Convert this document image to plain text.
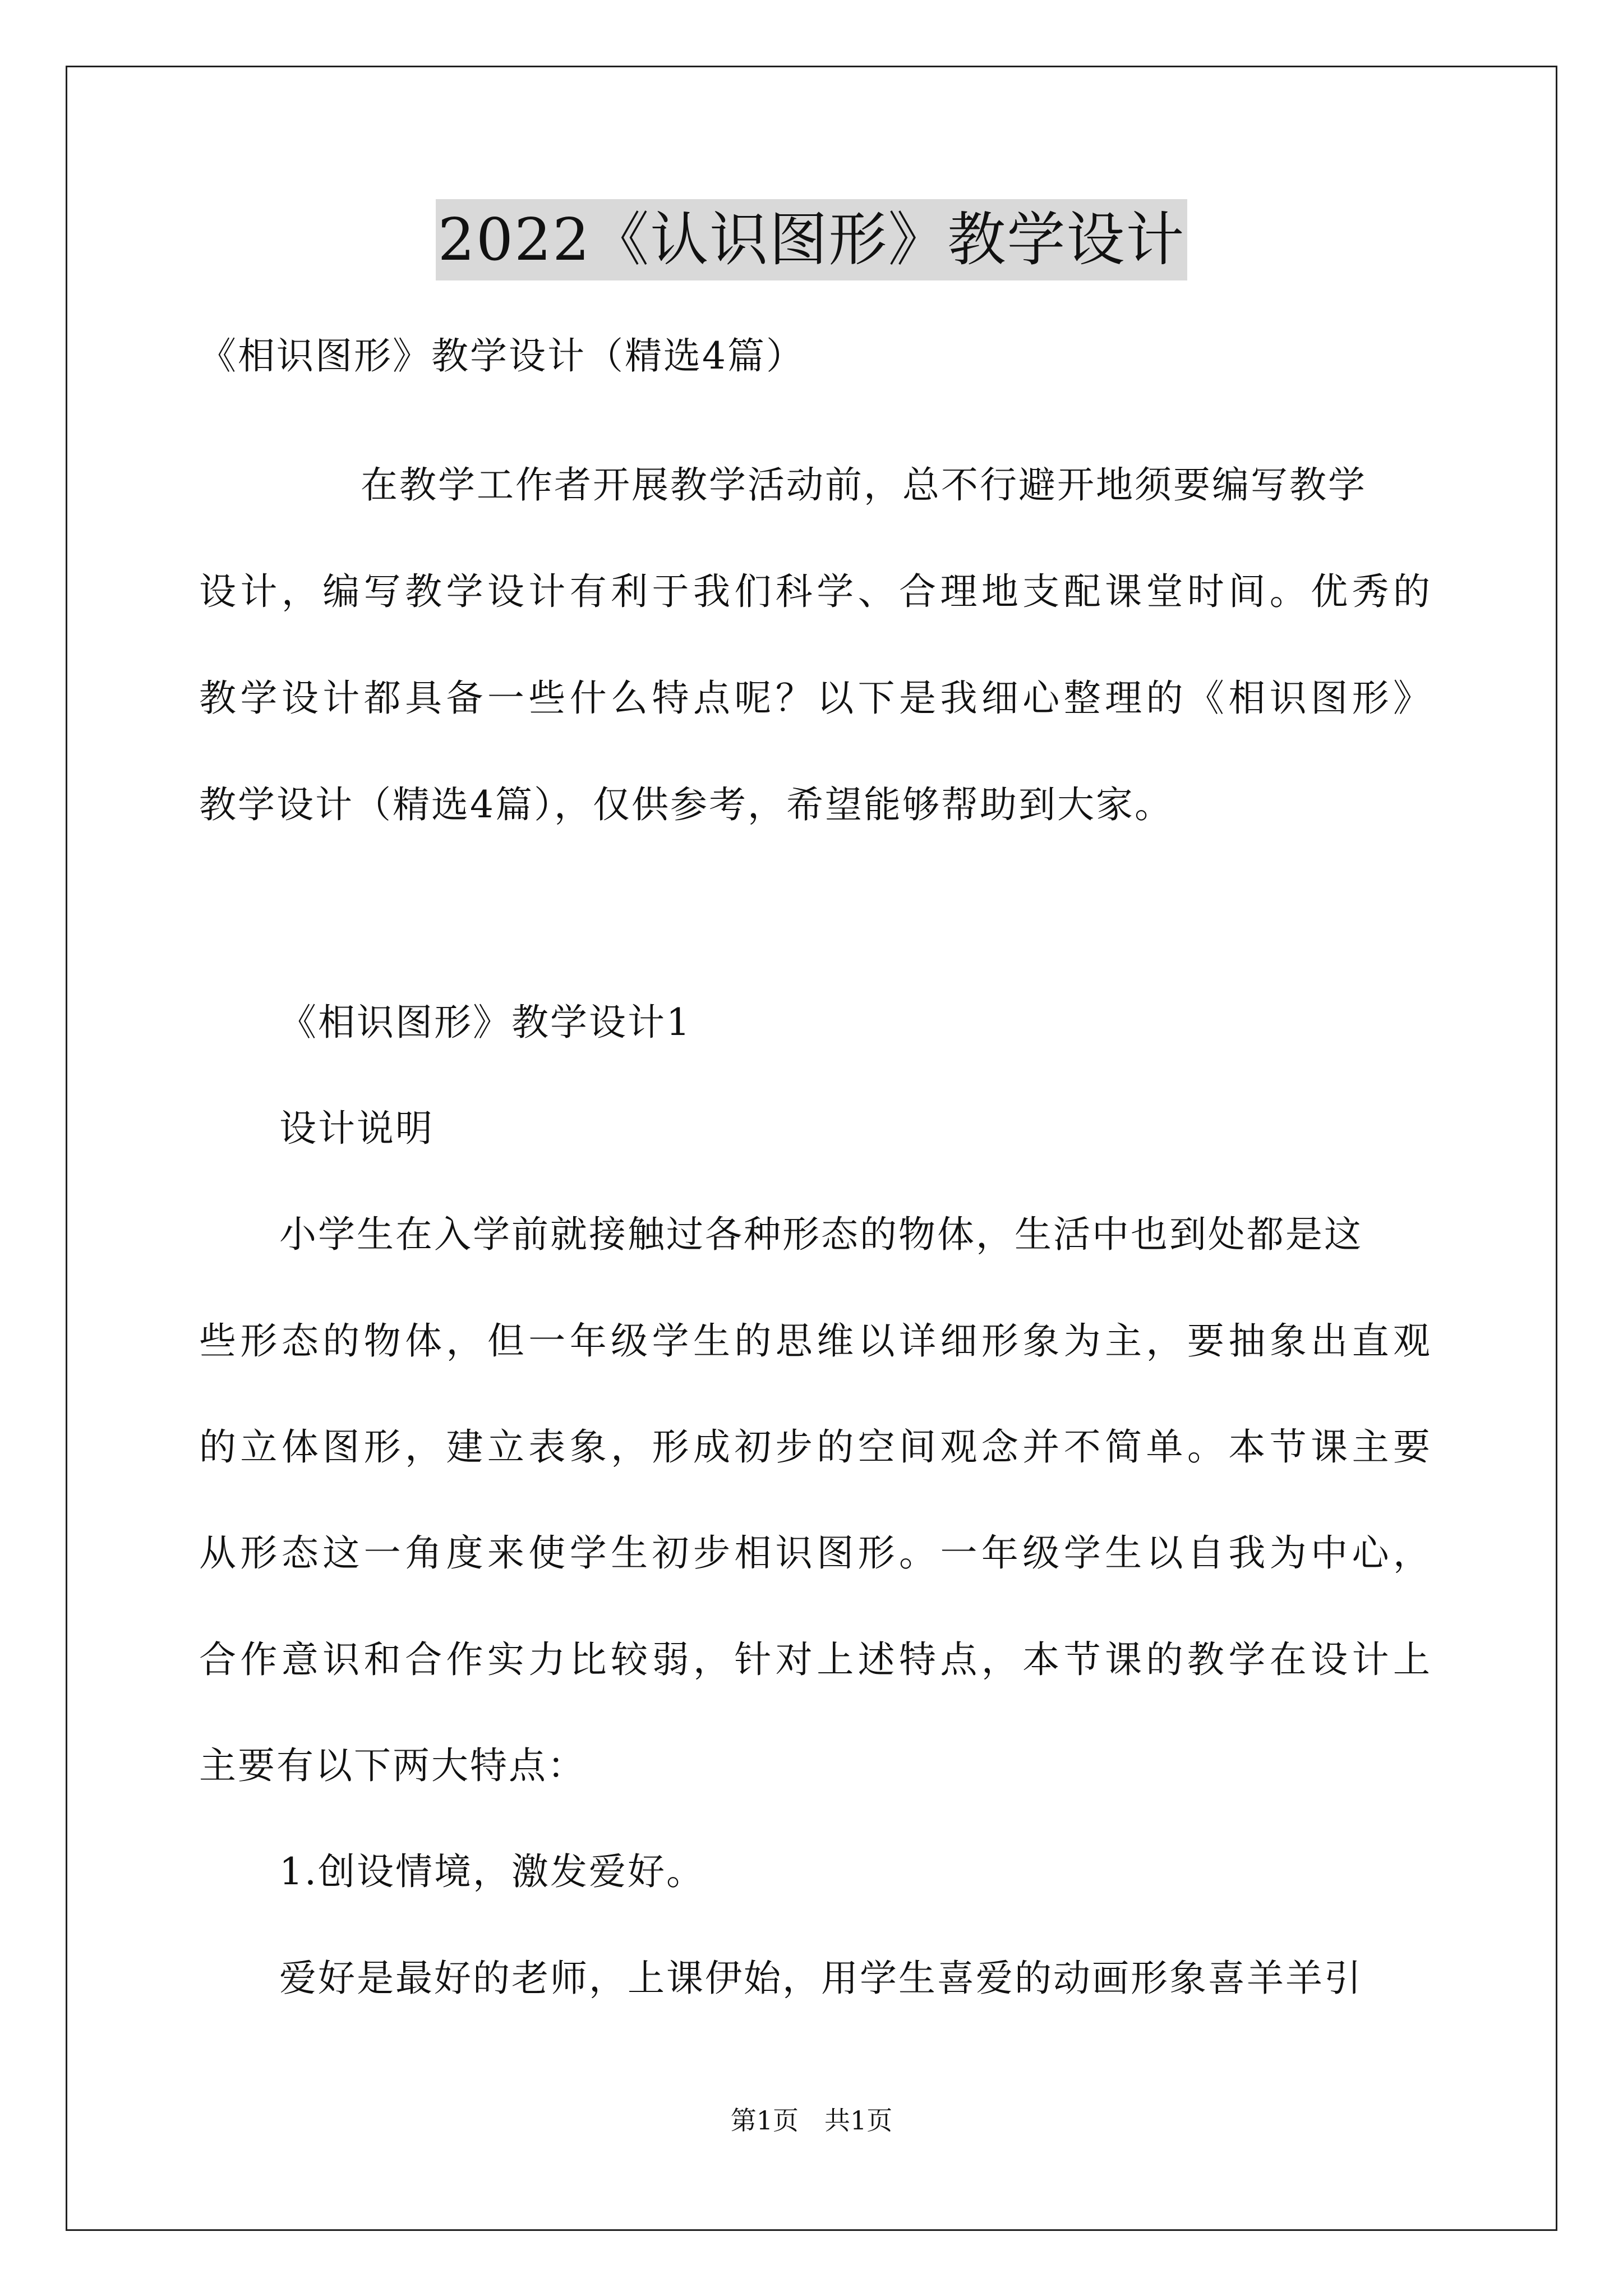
2022《认识图形》教学设计
《相识图形》教学设计（精选4篇）
在教学工作者开展教学活动前，总不行避开地须要编写教学
设计，编写教学设计有利于我们科学、合理地支配课堂时间。优秀的
教学设计都具备一些什么特点呢？以下是我细心整理的《相识图形》
教学设计（精选4篇），仅供参考，希望能够帮助到大家。
《相识图形》教学设计1
设计说明
小学生在入学前就接触过各种形态的物体，生活中也到处都是这
些形态的物体，但一年级学生的思维以详细形象为主，要抽象出直观
的立体图形，建立表象，形成初步的空间观念并不简单。本节课主要
从形态这一角度来使学生初步相识图形。一年级学生以自我为中心，
合作意识和合作实力比较弱，针对上述特点，本节课的教学在设计上
主要有以下两大特点：
1.创设情境，激发爱好。
爱好是最好的老师，上课伊始，用学生喜爱的动画形象喜羊羊引
第1页　共1页
